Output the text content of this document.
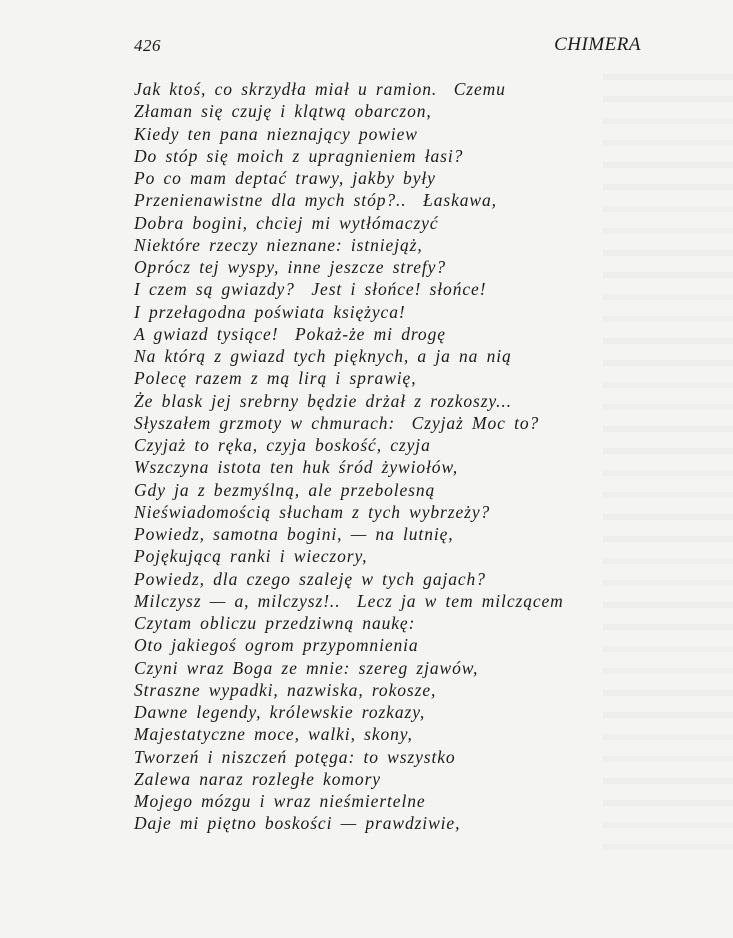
426	CHIMERA
Jak ktoś, co skrzydła miał u ramion.  Czemu
Złaman się czuję i klątwą obarczon,
Kiedy ten pana nieznający powiew
Do stóp się moich z upragnieniem łasi?
Po co mam deptać trawy, jakby były
Przenienawistne dla mych stóp?..  Łaskawa,
Dobra bogini, chciej mi wytłómaczyć
Niektóre rzeczy nieznane: istniejąż,
Oprócz tej wyspy, inne jeszcze strefy?
I czem są gwiazdy?  Jest i słońce! słońce!
I przełagodna poświata księżyca!
A gwiazd tysiące!  Pokaż-że mi drogę
Na którą z gwiazd tych pięknych, a ja na nią
Polecę razem z mą lirą i sprawię,
Że blask jej srebrny będzie drżał z rozkoszy...
Słyszałem grzmoty w chmurach:  Czyjaż Moc to?
Czyjaż to ręka, czyja boskość, czyja
Wszczyna istota ten huk śród żywiołów,
Gdy ja z bezmyślną, ale przebolesną
Nieświadomością słucham z tych wybrzeży?
Powiedz, samotna bogini, — na lutnię,
Pojękującą ranki i wieczory,
Powiedz, dla czego szaleję w tych gajach?
Milczysz — a, milczysz!..  Lecz ja w tem milczącem
Czytam obliczu przedziwną naukę:
Oto jakiegoś ogrom przypomnienia
Czyni wraz Boga ze mnie: szereg zjawów,
Straszne wypadki, nazwiska, rokosze,
Dawne legendy, królewskie rozkazy,
Majestatyczne moce, walki, skony,
Tworzeń i niszczeń potęga: to wszystko
Zalewa naraz rozległe komory
Mojego mózgu i wraz nieśmiertelne
Daje mi piętno boskości — prawdziwie,
